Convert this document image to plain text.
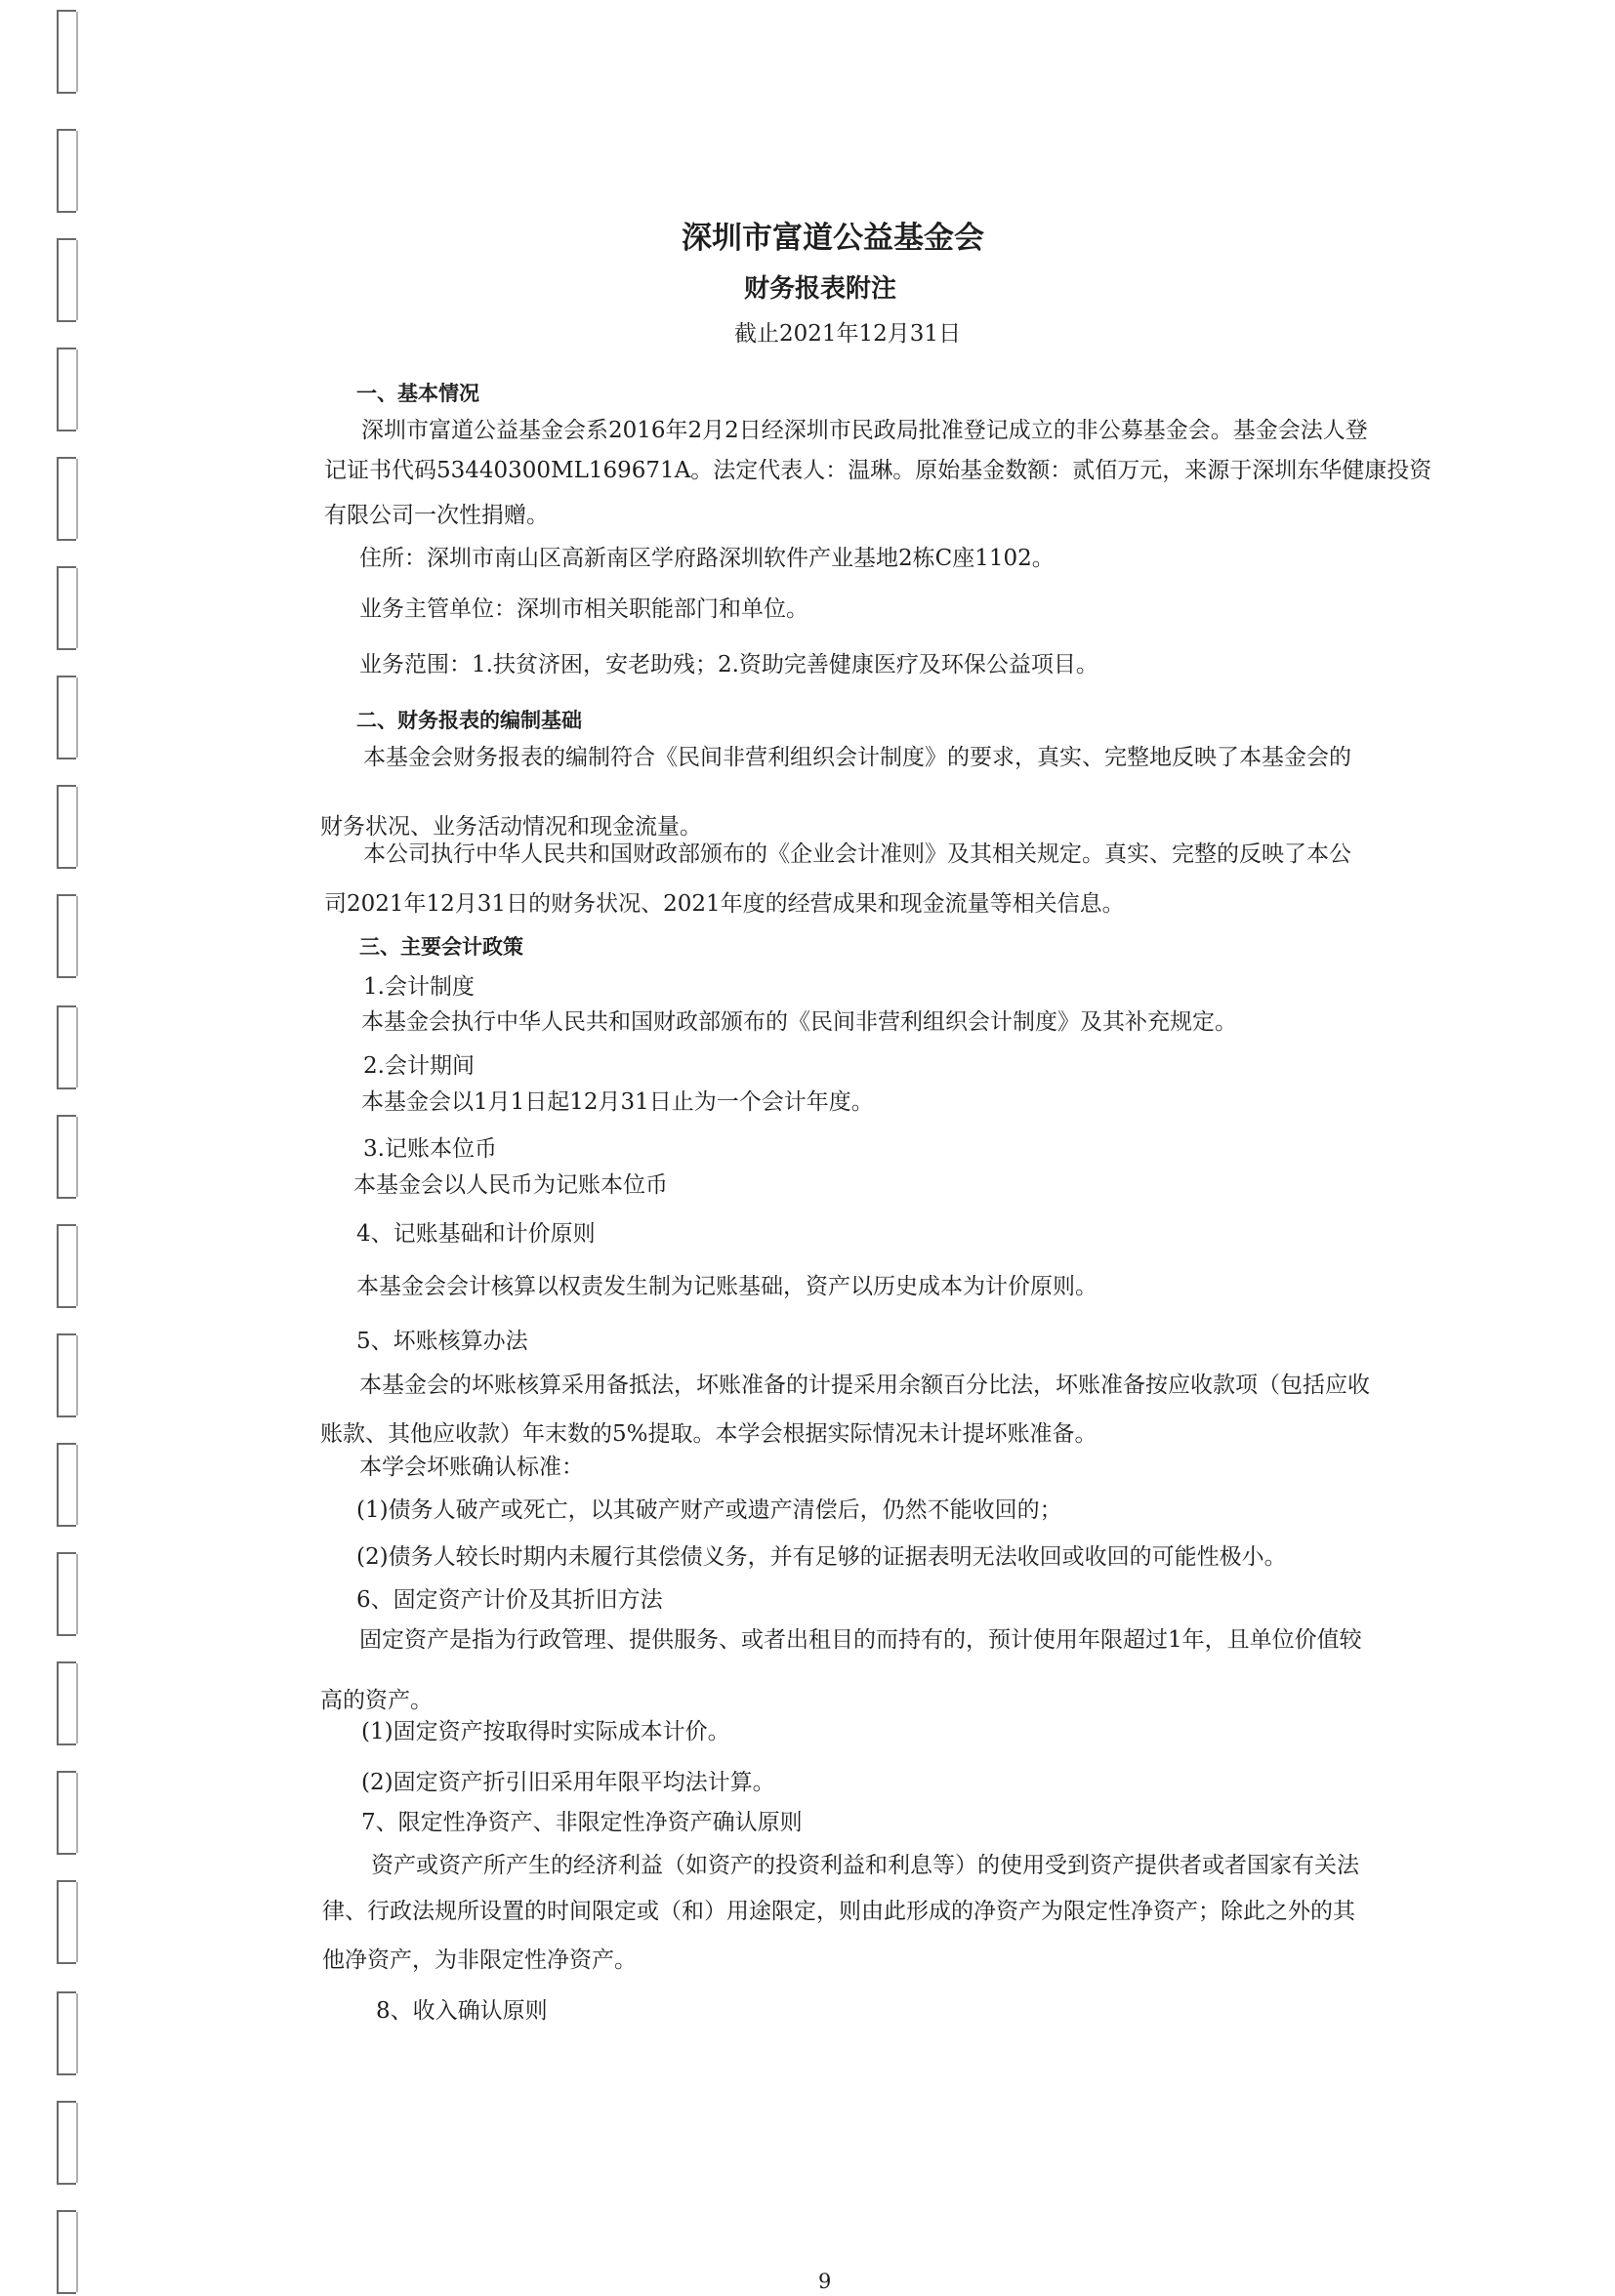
深圳市富道公益基金会
财务报表附注
截止2021年12月31日
一、基本情况
深圳市富道公益基金会系2016年2月2日经深圳市民政局批准登记成立的非公募基金会。基金会法人登
记证书代码53440300ML169671A。法定代表人：温琳。原始基金数额：贰佰万元，来源于深圳东华健康投资
有限公司一次性捐赠。
住所：深圳市南山区高新南区学府路深圳软件产业基地2栋C座1102。
业务主管单位：深圳市相关职能部门和单位。
业务范围：1.扶贫济困，安老助残；2.资助完善健康医疗及环保公益项目。
二、财务报表的编制基础
本基金会财务报表的编制符合《民间非营利组织会计制度》的要求，真实、完整地反映了本基金会的
财务状况、业务活动情况和现金流量。
本公司执行中华人民共和国财政部颁布的《企业会计准则》及其相关规定。真实、完整的反映了本公
司2021年12月31日的财务状况、2021年度的经营成果和现金流量等相关信息。
三、主要会计政策
1.会计制度
本基金会执行中华人民共和国财政部颁布的《民间非营利组织会计制度》及其补充规定。
2.会计期间
本基金会以1月1日起12月31日止为一个会计年度。
3.记账本位币
本基金会以人民币为记账本位币
4、记账基础和计价原则
本基金会会计核算以权责发生制为记账基础，资产以历史成本为计价原则。
5、坏账核算办法
本基金会的坏账核算采用备抵法，坏账准备的计提采用余额百分比法，坏账准备按应收款项（包括应收
账款、其他应收款）年末数的5%提取。本学会根据实际情况未计提坏账准备。
本学会坏账确认标准：
(1)债务人破产或死亡，以其破产财产或遗产清偿后，仍然不能收回的；
(2)债务人较长时期内未履行其偿债义务，并有足够的证据表明无法收回或收回的可能性极小。
6、固定资产计价及其折旧方法
固定资产是指为行政管理、提供服务、或者出租目的而持有的，预计使用年限超过1年，且单位价值较
高的资产。
(1)固定资产按取得时实际成本计价。
(2)固定资产折引旧采用年限平均法计算。
7、限定性净资产、非限定性净资产确认原则
资产或资产所产生的经济利益（如资产的投资利益和利息等）的使用受到资产提供者或者国家有关法
律、行政法规所设置的时间限定或（和）用途限定，则由此形成的净资产为限定性净资产；除此之外的其
他净资产，为非限定性净资产。
8、收入确认原则
9
